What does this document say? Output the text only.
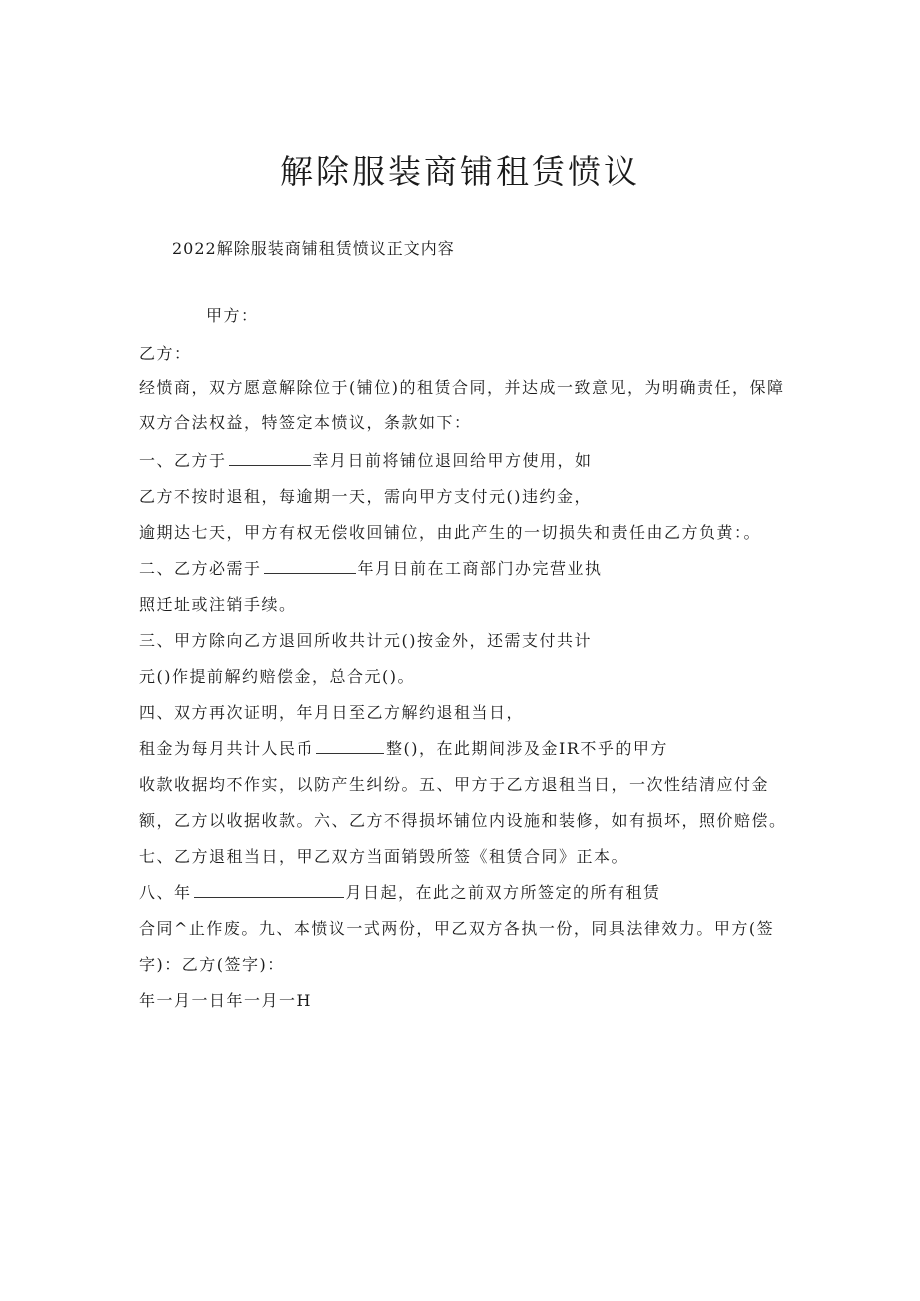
解除服装商铺租赁愤议

2022解除服装商铺租赁愤议正文内容

甲方：

乙方：

经愤商，双方愿意解除位于(铺位)的租赁合同，并达成一致意见，为明确责任，保障

双方合法权益，特签定本愤议，条款如下：

一、乙方于	幸月日前将铺位退回给甲方使用，如

乙方不按时退租，每逾期一天，需向甲方支付元()违约金，

逾期达七天，甲方有权无偿收回铺位，由此产生的一切损失和责任由乙方负黄：。

二、乙方必需于	年月日前在工商部门办完营业执

照迁址或注销手续。

三、甲方除向乙方退回所收共计元()按金外，还需支付共计

元()作提前解约赔偿金，总合元()。

四、双方再次证明，年月日至乙方解约退租当日，

租金为每月共计人民币	整()，在此期间涉及金IR不乎的甲方

收款收据均不作实，以防产生纠纷。五、甲方于乙方退租当日，一次性结清应付金

额，乙方以收据收款。六、乙方不得损坏铺位内设施和装修，如有损坏，照价赔偿。

七、乙方退租当日，甲乙双方当面销毁所签《租赁合同》正本。

八、年	月日起，在此之前双方所签定的所有租赁

合同^止作废。九、本愤议一式两份，甲乙双方各执一份，同具法律效力。甲方(签

字)：乙方(签字)：

年一月一日年一月一H
